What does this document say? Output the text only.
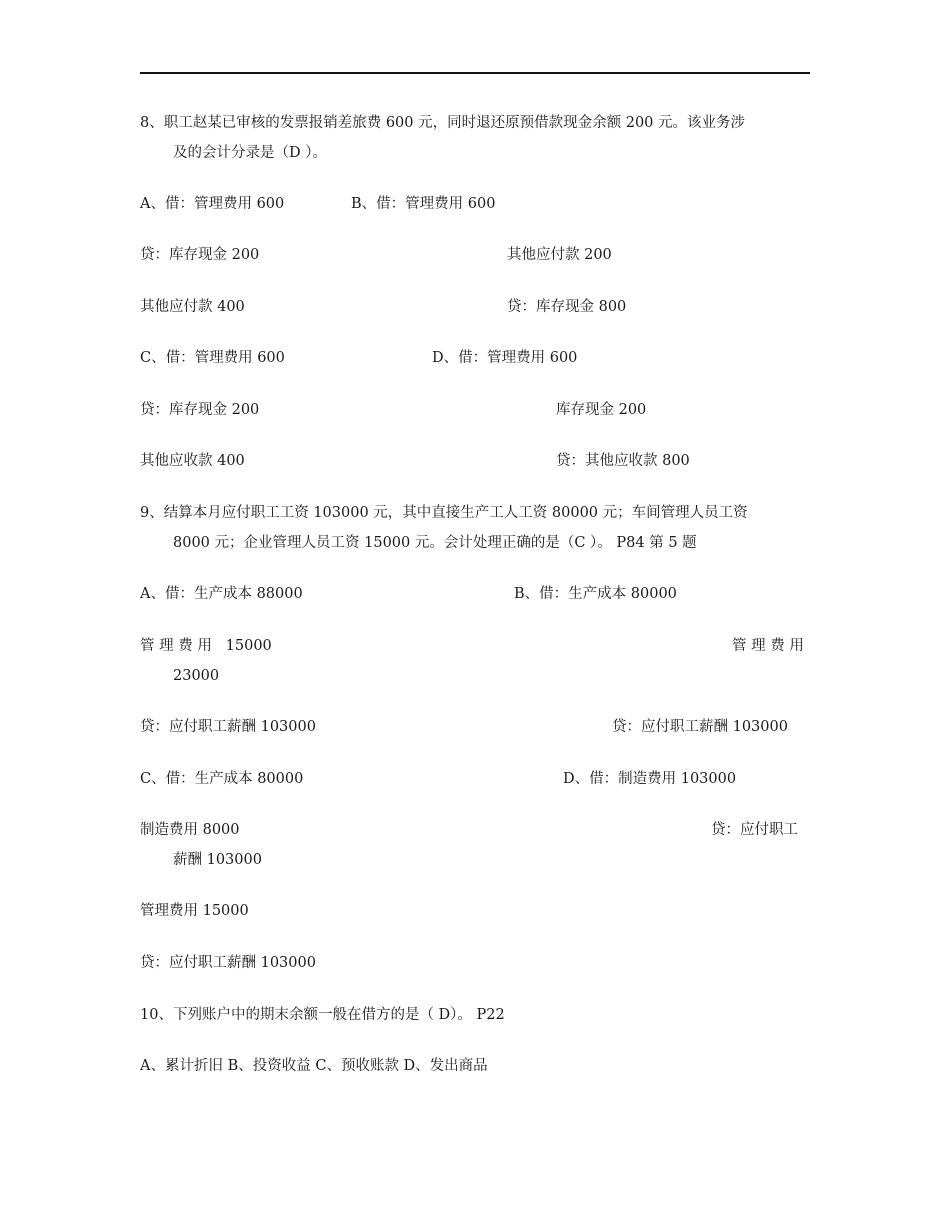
8、职工赵某已审核的发票报销差旅费 600 元，同时退还原预借款现金余额 200 元。该业务涉
及的会计分录是（D ）。
A、借：管理费用 600	B、借：管理费用 600
贷：库存现金 200	其他应付款 200
其他应付款 400	贷：库存现金 800
C、借：管理费用 600	D、借：管理费用 600
贷：库存现金 200	库存现金 200
其他应收款 400	贷：其他应收款 800
9、结算本月应付职工工资 103000 元，其中直接生产工人工资 80000 元；车间管理人员工资
8000 元；企业管理人员工资 15000 元。会计处理正确的是（C ）。 P84 第 5 题
A、借：生产成本 88000	B、借：生产成本 80000
管 理 费 用   15000	管 理 费 用
23000
贷：应付职工薪酬 103000	贷：应付职工薪酬 103000
C、借：生产成本 80000	D、借：制造费用 103000
制造费用 8000	贷：应付职工
薪酬 103000
管理费用 15000
贷：应付职工薪酬 103000
10、下列账户中的期末余额一般在借方的是（ D）。 P22
A、累计折旧 B、投资收益 C、预收账款 D、发出商品
